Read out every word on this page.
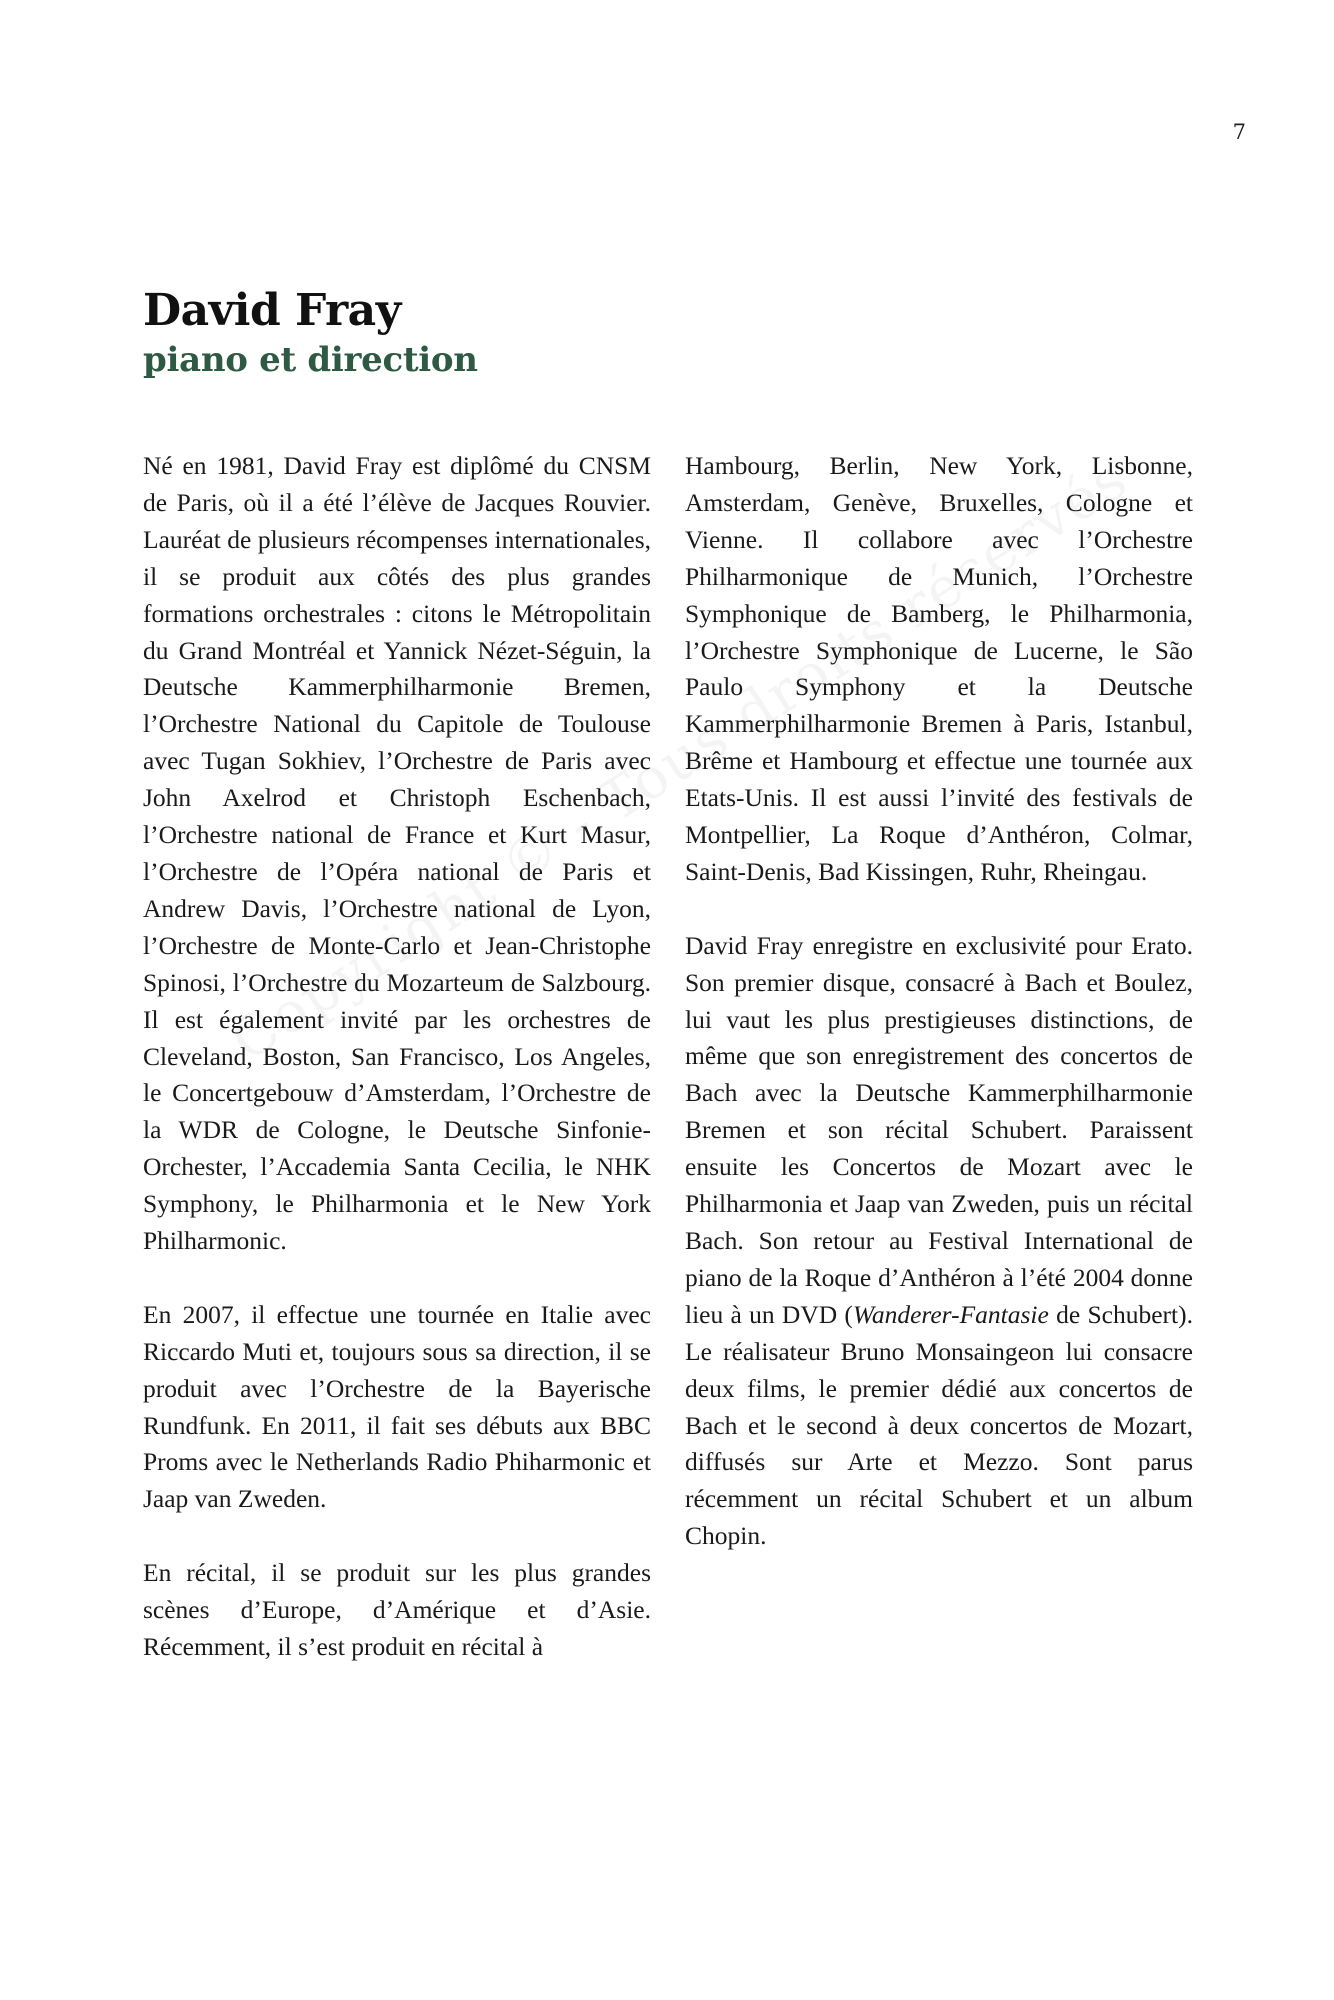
7
David Fray
piano et direction

Né en 1981, David Fray est diplômé du CNSM de Paris, où il a été l’élève de Jacques Rouvier. Lauréat de plusieurs récompenses internationales, il se produit aux côtés des plus grandes formations orchestrales : citons le Métropolitain du Grand Montréal et Yannick Nézet-Séguin, la Deutsche Kammerphilharmonie Bremen, l’Orchestre National du Capitole de Toulouse avec Tugan Sokhiev, l’Orchestre de Paris avec John Axelrod et Christoph Eschenbach, l’Orchestre national de France et Kurt Masur, l’Orchestre de l’Opéra national de Paris et Andrew Davis, l’Orchestre national de Lyon, l’Orchestre de Monte-Carlo et Jean-Christophe Spinosi, l’Orchestre du Mozarteum de Salzbourg. Il est également invité par les orchestres de Cleveland, Boston, San Francisco, Los Angeles, le Concertgebouw d’Amsterdam, l’Orchestre de la WDR de Cologne, le Deutsche Sinfonie-Orchester, l’Accademia Santa Cecilia, le NHK Symphony, le Philharmonia et le New York Philharmonic.

En 2007, il effectue une tournée en Italie avec Riccardo Muti et, toujours sous sa direction, il se produit avec l’Orchestre de la Bayerische Rundfunk. En 2011, il fait ses débuts aux BBC Proms avec le Netherlands Radio Phiharmonic et Jaap van Zweden.

En récital, il se produit sur les plus grandes scènes d’Europe, d’Amérique et d’Asie. Récemment, il s’est produit en récital à

Hambourg, Berlin, New York, Lisbonne, Amsterdam, Genève, Bruxelles, Cologne et Vienne. Il collabore avec l’Orchestre Philharmonique de Munich, l’Orchestre Symphonique de Bamberg, le Philharmonia, l’Orchestre Symphonique de Lucerne, le São Paulo Symphony et la Deutsche Kammerphilharmonie Bremen à Paris, Istanbul, Brême et Hambourg et effectue une tournée aux Etats-Unis. Il est aussi l’invité des festivals de Montpellier, La Roque d’Anthéron, Colmar, Saint-Denis, Bad Kissingen, Ruhr, Rheingau.

David Fray enregistre en exclusivité pour Erato. Son premier disque, consacré à Bach et Boulez, lui vaut les plus prestigieuses distinctions, de même que son enregistrement des concertos de Bach avec la Deutsche Kammerphilharmonie Bremen et son récital Schubert. Paraissent ensuite les Concertos de Mozart avec le Philharmonia et Jaap van Zweden, puis un récital Bach. Son retour au Festival International de piano de la Roque d’Anthéron à l’été 2004 donne lieu à un DVD (Wanderer-Fantasie de Schubert). Le réalisateur Bruno Monsaingeon lui consacre deux films, le premier dédié aux concertos de Bach et le second à deux concertos de Mozart, diffusés sur Arte et Mezzo. Sont parus récemment un récital Schubert et un album Chopin.
